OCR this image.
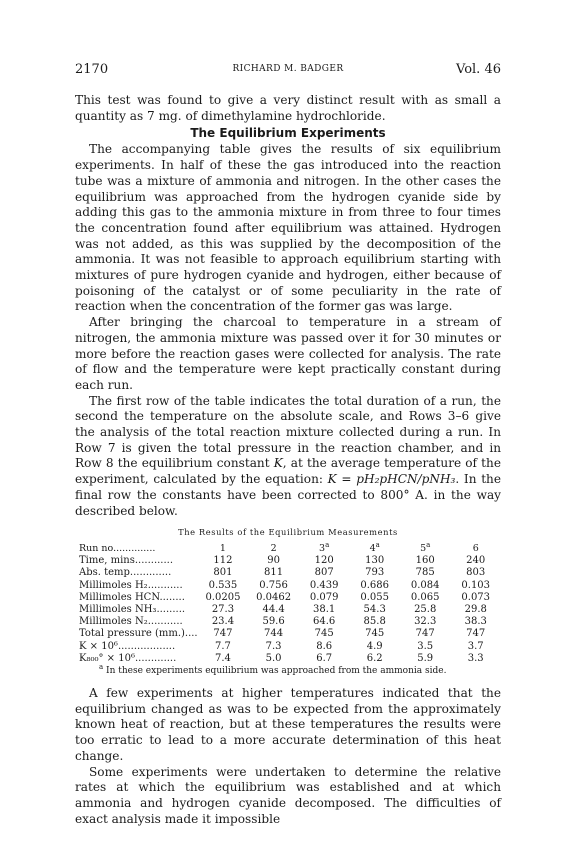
2170	RICHARD M. BADGER	Vol. 46

This test was found to give a very distinct result with as small a quantity as 7 mg. of dimethylamine hydrochloride.

The Equilibrium Experiments

The accompanying table gives the results of six equilibrium experiments. In half of these the gas introduced into the reaction tube was a mixture of ammonia and nitrogen. In the other cases the equilibrium was approached from the hydrogen cyanide side by adding this gas to the ammonia mixture in from three to four times the concentration found after equilibrium was attained. Hydrogen was not added, as this was supplied by the decomposition of the ammonia. It was not feasible to approach equilibrium starting with mixtures of pure hydrogen cyanide and hydrogen, either because of poisoning of the catalyst or of some peculiarity in the rate of reaction when the concentration of the former gas was large.

After bringing the charcoal to temperature in a stream of nitrogen, the ammonia mixture was passed over it for 30 minutes or more before the reaction gases were collected for analysis. The rate of flow and the temperature were kept practically constant during each run.

The first row of the table indicates the total duration of a run, the second the temperature on the absolute scale, and Rows 3–6 give the analysis of the total reaction mixture collected during a run. In Row 7 is given the total pressure in the reaction chamber, and in Row 8 the equilibrium constant K, at the average temperature of the experiment, calculated by the equation: K = pH₂pHCN/pNH₃. In the final row the constants have been corrected to 800° A. in the way described below.

The Results of the Equilibrium Measurements
Run no..............	1	2	3$^a$	4$^a$	5$^a$	6
Time, mins............	112	90	120	130	160	240
Abs. temp.............	801	811	807	793	785	803
Millimoles H₂...........	0.535	0.756	0.439	0.686	0.084	0.103
Millimoles HCN........	0.0205	0.0462	0.079	0.055	0.065	0.073
Millimoles NH₃.........	27.3	44.4	38.1	54.3	25.8	29.8
Millimoles N₂...........	23.4	59.6	64.6	85.8	32.3	38.3
Total pressure (mm.)....	747	744	745	745	747	747
K × 10⁶..................	7.7	7.3	8.6	4.9	3.5	3.7
K₈₀₀° × 10⁶.............	7.4	5.0	6.7	6.2	5.9	3.3
$^a$ In these experiments equilibrium was approached from the ammonia side.

A few experiments at higher temperatures indicated that the equilibrium changed as was to be expected from the approximately known heat of reaction, but at these temperatures the results were too erratic to lead to a more accurate determination of this heat change.

Some experiments were undertaken to determine the relative rates at which the equilibrium was established and at which ammonia and hydrogen cyanide decomposed. The difficulties of exact analysis made it impossible
